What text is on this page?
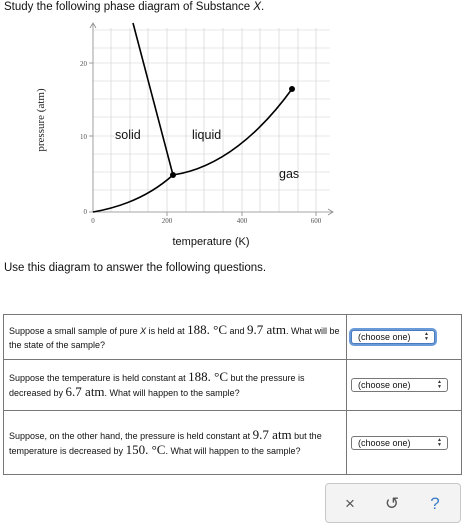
Study the following phase diagram of Substance X.
20
10
0
0	200	400	600
pressure (atm)
temperature (K)
solid	liquid
gas
Use this diagram to answer the following questions.
Suppose a small sample of pure X is held at 188. °C and 9.7 atm. What will be the state of the sample?	(choose one) ▲
▼

Suppose the temperature is held constant at 188. °C but the pressure is decreased by 6.7 atm. What will happen to the sample?	(choose one) ▲
▼

Suppose, on the other hand, the pressure is held constant at 9.7 atm but the temperature is decreased by 150. °C. What will happen to the sample?	(choose one) ▲
▼
×	↺	?
